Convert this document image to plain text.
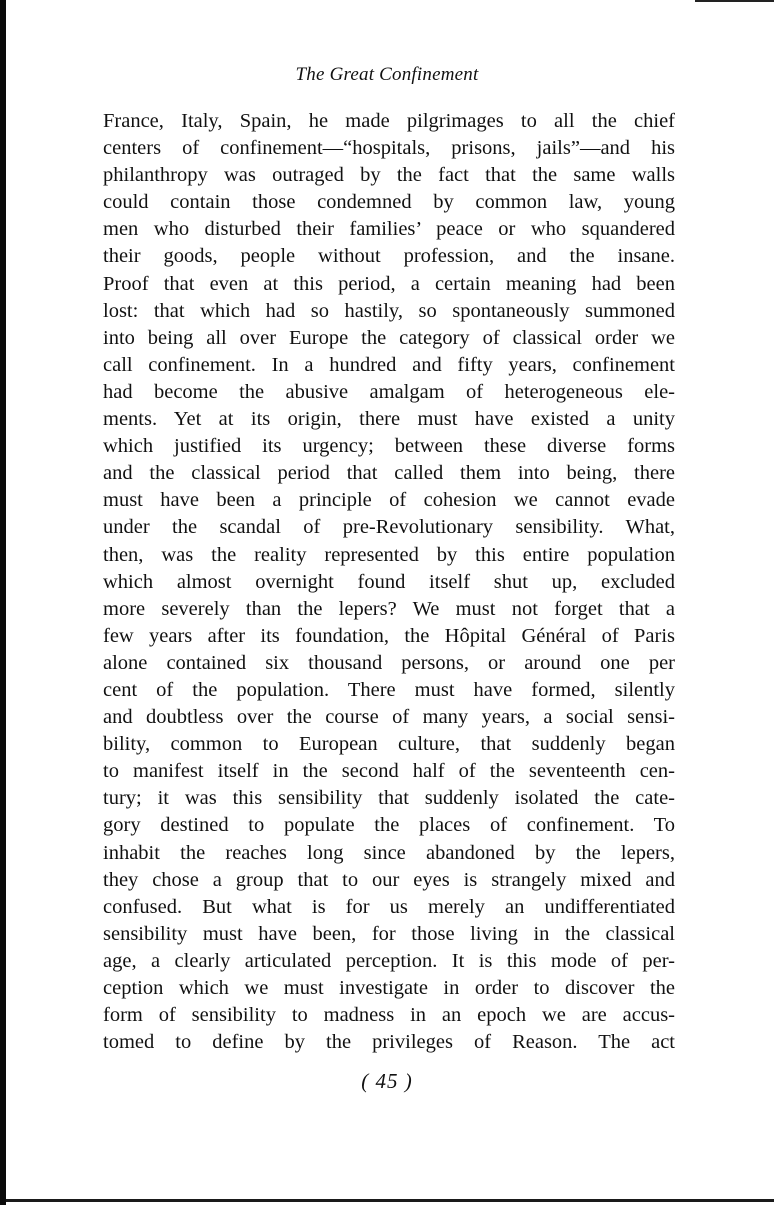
The Great Confinement
France, Italy, Spain, he made pilgrimages to all the chief
centers of confinement—“hospitals, prisons, jails”—and his
philanthropy was outraged by the fact that the same walls
could contain those condemned by common law, young
men who disturbed their families’ peace or who squandered
their goods, people without profession, and the insane.
Proof that even at this period, a certain meaning had been
lost: that which had so hastily, so spontaneously summoned
into being all over Europe the category of classical order we
call confinement. In a hundred and fifty years, confinement
had become the abusive amalgam of heterogeneous ele-
ments. Yet at its origin, there must have existed a unity
which justified its urgency; between these diverse forms
and the classical period that called them into being, there
must have been a principle of cohesion we cannot evade
under the scandal of pre-Revolutionary sensibility. What,
then, was the reality represented by this entire population
which almost overnight found itself shut up, excluded
more severely than the lepers? We must not forget that a
few years after its foundation, the Hôpital Général of Paris
alone contained six thousand persons, or around one per
cent of the population. There must have formed, silently
and doubtless over the course of many years, a social sensi-
bility, common to European culture, that suddenly began
to manifest itself in the second half of the seventeenth cen-
tury; it was this sensibility that suddenly isolated the cate-
gory destined to populate the places of confinement. To
inhabit the reaches long since abandoned by the lepers,
they chose a group that to our eyes is strangely mixed and
confused. But what is for us merely an undifferentiated
sensibility must have been, for those living in the classical
age, a clearly articulated perception. It is this mode of per-
ception which we must investigate in order to discover the
form of sensibility to madness in an epoch we are accus-
tomed to define by the privileges of Reason. The act
( 45 )
